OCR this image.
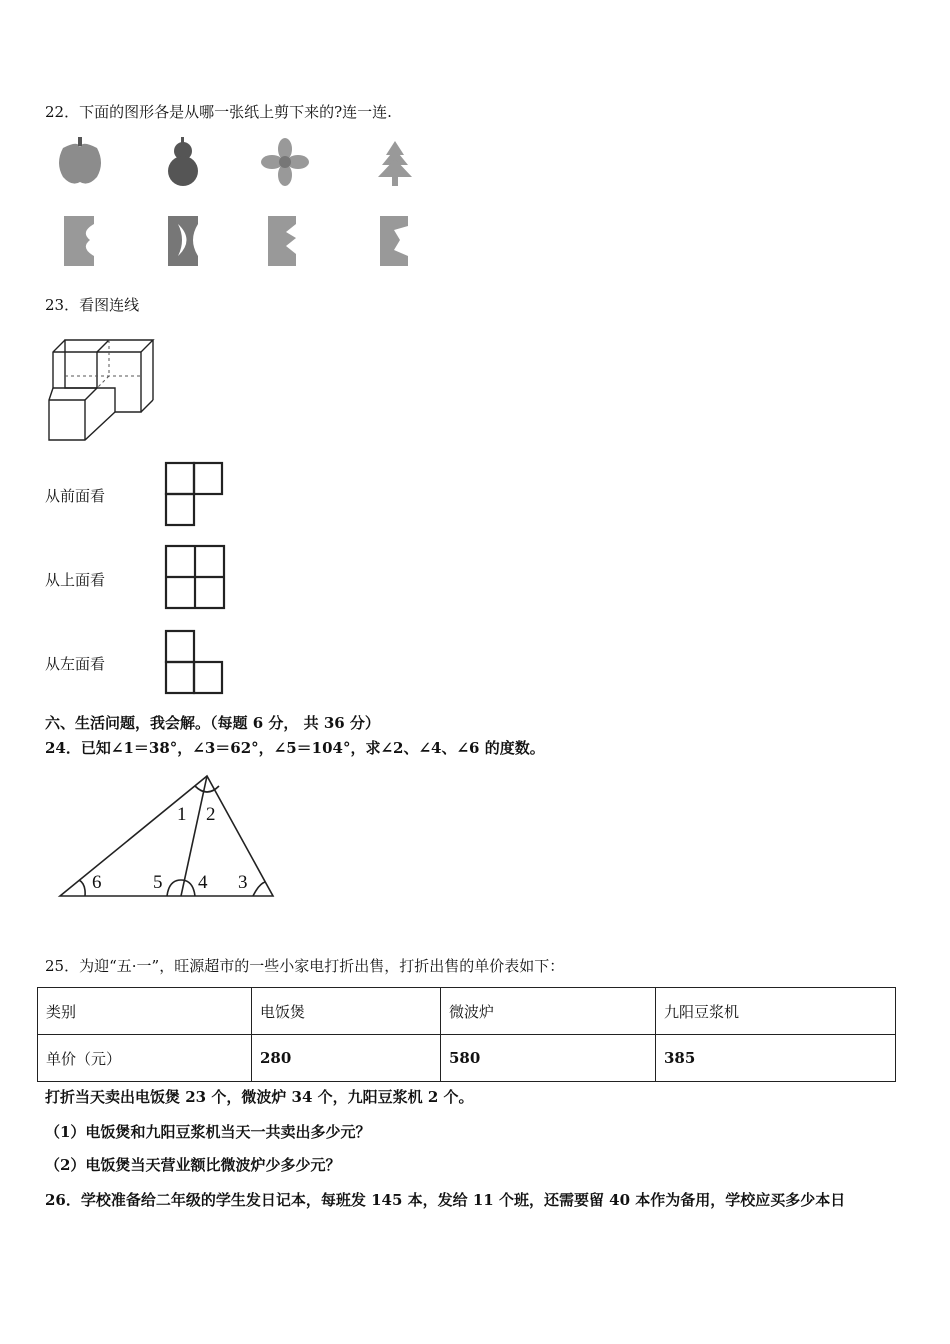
22．下面的图形各是从哪一张纸上剪下来的?连一连.
23．看图连线
从前面看
从上面看
从左面看
六、生活问题，我会解。（每题 6 分， 共 36 分）
24．已知∠1＝38°，∠3＝62°，∠5＝104°，求∠2、∠4、∠6 的度数。
1 2
6	5 4 3
25．为迎“五·一”，旺源超市的一些小家电打折出售，打折出售的单价表如下：
类别	电饭煲	微波炉	九阳豆浆机
单价（元）	280	580	385
打折当天卖出电饭煲 23 个，微波炉 34 个，九阳豆浆机 2 个。
（1）电饭煲和九阳豆浆机当天一共卖出多少元？
（2）电饭煲当天营业额比微波炉少多少元？
26．学校准备给二年级的学生发日记本，每班发 145 本，发给 11 个班，还需要留 40 本作为备用，学校应买多少本日
